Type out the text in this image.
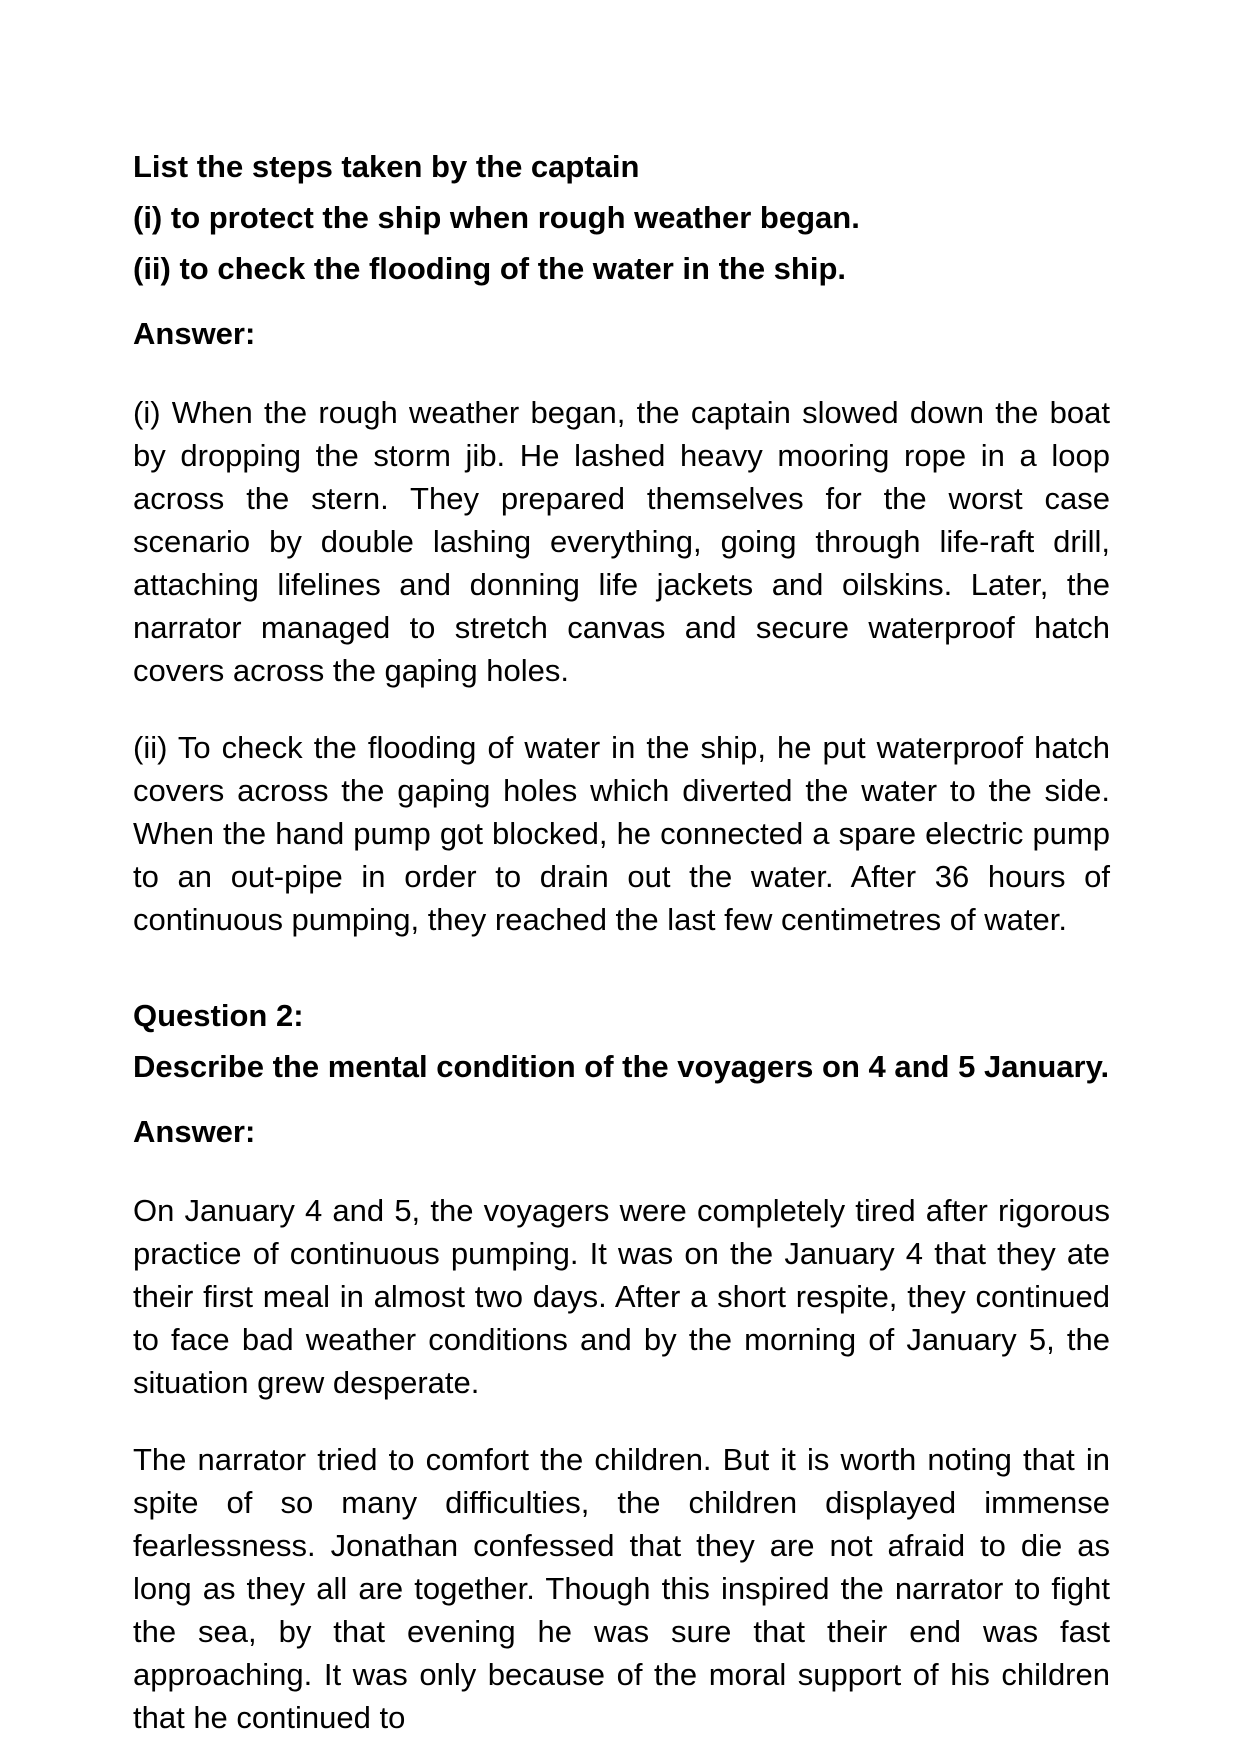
List the steps taken by the captain
(i) to protect the ship when rough weather began.
(ii) to check the flooding of the water in the ship.
Answer:

(i) When the rough weather began, the captain slowed down the boat by dropping the storm jib. He lashed heavy mooring rope in a loop across the stern. They prepared themselves for the worst case scenario by double lashing everything, going through life-raft drill, attaching lifelines and donning life jackets and oilskins. Later, the narrator managed to stretch canvas and secure waterproof hatch covers across the gaping holes.

(ii) To check the flooding of water in the ship, he put waterproof hatch covers across the gaping holes which diverted the water to the side. When the hand pump got blocked, he connected a spare electric pump to an out-pipe in order to drain out the water. After 36 hours of continuous pumping, they reached the last few centimetres of water.

Question 2:
Describe the mental condition of the voyagers on 4 and 5 January.
Answer:

On January 4 and 5, the voyagers were completely tired after rigorous practice of continuous pumping. It was on the January 4 that they ate their first meal in almost two days. After a short respite, they continued to face bad weather conditions and by the morning of January 5, the situation grew desperate.

The narrator tried to comfort the children. But it is worth noting that in spite of so many difficulties, the children displayed immense fearlessness. Jonathan confessed that they are not afraid to die as long as they all are together. Though this inspired the narrator to fight the sea, by that evening he was sure that their end was fast approaching. It was only because of the moral support of his children that he continued to
